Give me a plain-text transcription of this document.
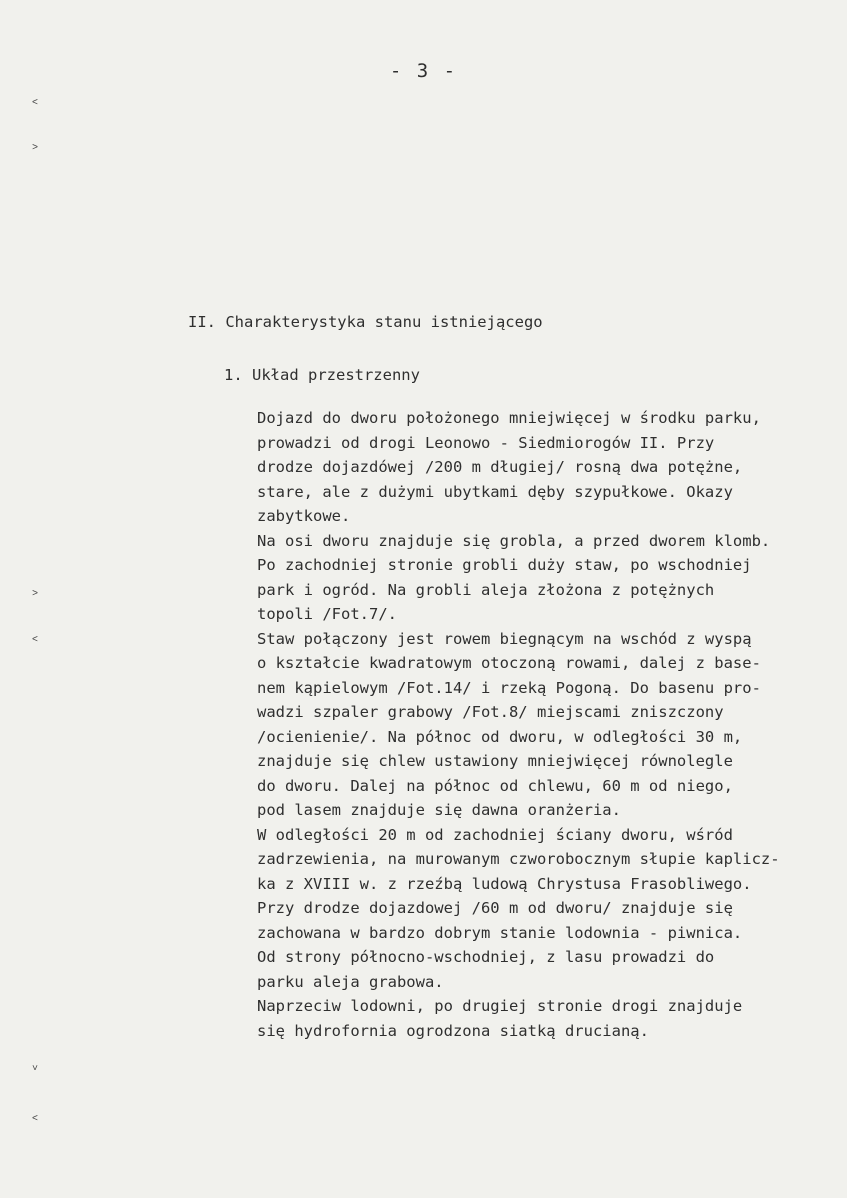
- 3 -
˂
˃
˃
˂
˅
˂
II. Charakterystyka stanu istniejącego
1. Układ przestrzenny
Dojazd do dworu położonego mniejwięcej w środku parku,
prowadzi od drogi Leonowo - Siedmiorogów II. Przy
drodze dojazdówej /200 m długiej/ rosną dwa potężne,
stare, ale z dużymi ubytkami dęby szypułkowe. Okazy
zabytkowe.
Na osi dworu znajduje się grobla, a przed dworem klomb.
Po zachodniej stronie grobli duży staw, po wschodniej
park i ogród. Na grobli aleja złożona z potężnych
topoli /Fot.7/.
Staw połączony jest rowem biegnącym na wschód z wyspą
o kształcie kwadratowym otoczoną rowami, dalej z base-
nem kąpielowym /Fot.14/ i rzeką Pogoną. Do basenu pro-
wadzi szpaler grabowy /Fot.8/ miejscami zniszczony
/ocienienie/. Na północ od dworu, w odległości 30 m,
znajduje się chlew ustawiony mniejwięcej równolegle
do dworu. Dalej na północ od chlewu, 60 m od niego,
pod lasem znajduje się dawna oranżeria.
W odległości 20 m od zachodniej ściany dworu, wśród
zadrzewienia, na murowanym czworobocznym słupie kaplicz-
ka z XVIII w. z rzeźbą ludową Chrystusa Frasobliwego.
Przy drodze dojazdowej /60 m od dworu/ znajduje się
zachowana w bardzo dobrym stanie lodownia - piwnica.
Od strony północno-wschodniej, z lasu prowadzi do
parku aleja grabowa.
Naprzeciw lodowni, po drugiej stronie drogi znajduje
się hydrofornia ogrodzona siatką drucianą.
